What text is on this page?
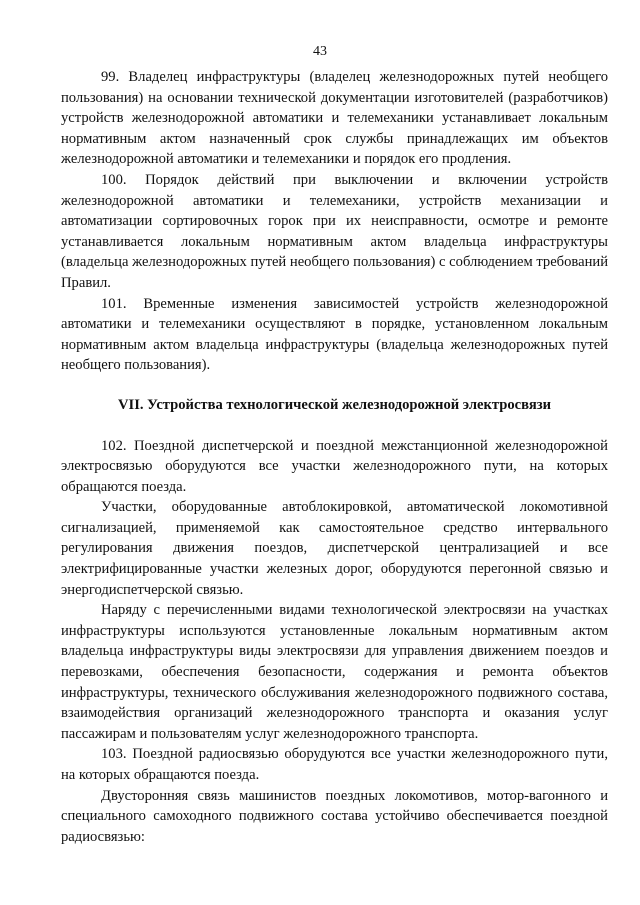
43

99. Владелец инфраструктуры (владелец железнодорожных путей необщего пользования) на основании технической документации изготовителей (разработчиков) устройств железнодорожной автоматики и телемеханики устанавливает локальным нормативным актом назначенный срок службы принадлежащих им объектов железнодорожной автоматики и телемеханики и порядок его продления.

100. Порядок действий при выключении и включении устройств железнодорожной автоматики и телемеханики, устройств механизации и автоматизации сортировочных горок при их неисправности, осмотре и ремонте устанавливается локальным нормативным актом владельца инфраструктуры (владельца железнодорожных путей необщего пользования) с соблюдением требований Правил.

101. Временные изменения зависимостей устройств железнодорожной автоматики и телемеханики осуществляют в порядке, установленном локальным нормативным актом владельца инфраструктуры (владельца железнодорожных путей необщего пользования).

VII. Устройства технологической железнодорожной электросвязи

102. Поездной диспетчерской и поездной межстанционной железнодорожной электросвязью оборудуются все участки железнодорожного пути, на которых обращаются поезда.

Участки, оборудованные автоблокировкой, автоматической локомотивной сигнализацией, применяемой как самостоятельное средство интервального регулирования движения поездов, диспетчерской централизацией и все электрифицированные участки железных дорог, оборудуются перегонной связью и энергодиспетчерской связью.

Наряду с перечисленными видами технологической электросвязи на участках инфраструктуры используются установленные локальным нормативным актом владельца инфраструктуры виды электросвязи для управления движением поездов и перевозками, обеспечения безопасности, содержания и ремонта объектов инфраструктуры, технического обслуживания железнодорожного подвижного состава, взаимодействия организаций железнодорожного транспорта и оказания услуг пассажирам и пользователям услуг железнодорожного транспорта.

103. Поездной радиосвязью оборудуются все участки железнодорожного пути, на которых обращаются поезда.

Двусторонняя связь машинистов поездных локомотивов, мотор-вагонного и специального самоходного подвижного состава устойчиво обеспечивается поездной радиосвязью:
